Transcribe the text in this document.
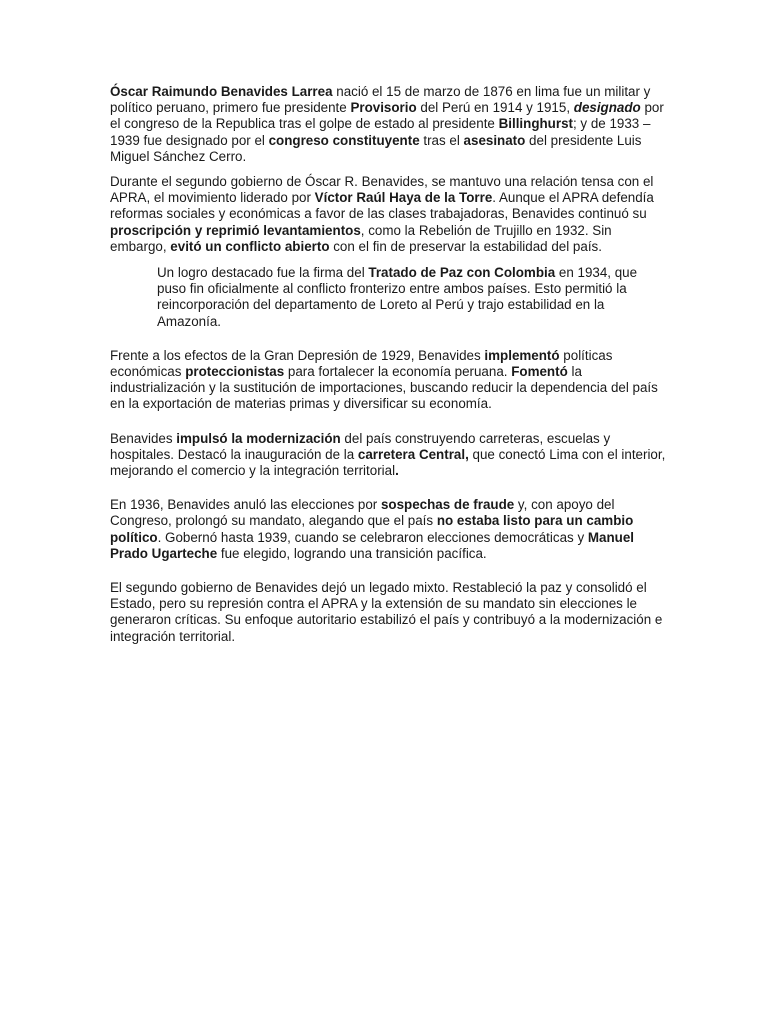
Óscar Raimundo Benavides Larrea nació el 15 de marzo de 1876 en lima fue un militar y político peruano, primero fue presidente Provisorio del Perú en 1914 y 1915, designado por el congreso de la Republica tras el golpe de estado al presidente Billinghurst; y de 1933 – 1939 fue designado por el congreso constituyente tras el asesinato del presidente Luis Miguel Sánchez Cerro.

Durante el segundo gobierno de Óscar R. Benavides, se mantuvo una relación tensa con el APRA, el movimiento liderado por Víctor Raúl Haya de la Torre. Aunque el APRA defendía reformas sociales y económicas a favor de las clases trabajadoras, Benavides continuó su proscripción y reprimió levantamientos, como la Rebelión de Trujillo en 1932. Sin embargo, evitó un conflicto abierto con el fin de preservar la estabilidad del país.

Un logro destacado fue la firma del Tratado de Paz con Colombia en 1934, que puso fin oficialmente al conflicto fronterizo entre ambos países. Esto permitió la reincorporación del departamento de Loreto al Perú y trajo estabilidad en la Amazonía.

Frente a los efectos de la Gran Depresión de 1929, Benavides implementó políticas económicas proteccionistas para fortalecer la economía peruana. Fomentó la industrialización y la sustitución de importaciones, buscando reducir la dependencia del país en la exportación de materias primas y diversificar su economía.

Benavides impulsó la modernización del país construyendo carreteras, escuelas y hospitales. Destacó la inauguración de la carretera Central, que conectó Lima con el interior, mejorando el comercio y la integración territorial.

En 1936, Benavides anuló las elecciones por sospechas de fraude y, con apoyo del Congreso, prolongó su mandato, alegando que el país no estaba listo para un cambio político. Gobernó hasta 1939, cuando se celebraron elecciones democráticas y Manuel Prado Ugarteche fue elegido, logrando una transición pacífica.

El segundo gobierno de Benavides dejó un legado mixto. Restableció la paz y consolidó el Estado, pero su represión contra el APRA y la extensión de su mandato sin elecciones le generaron críticas. Su enfoque autoritario estabilizó el país y contribuyó a la modernización e integración territorial.
